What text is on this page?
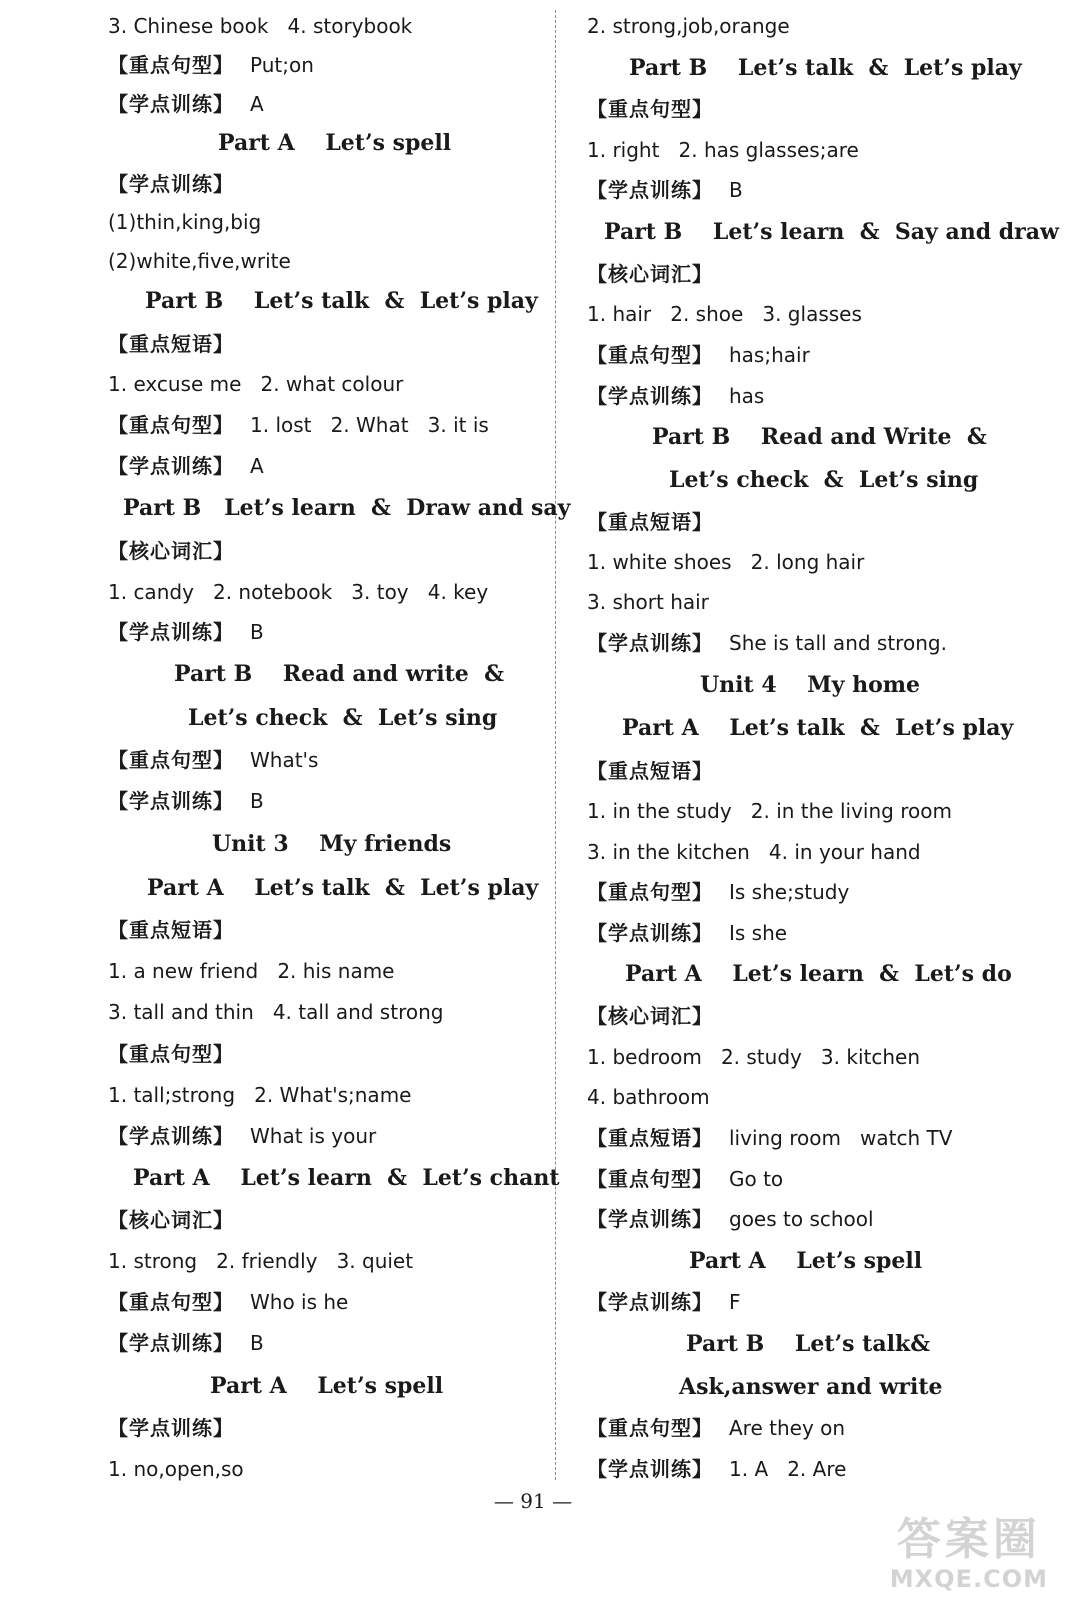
3. Chinese book   4. storybook
【重点句型】 Put;on
【学点训练】 A
Part A    Let’s spell
【学点训练】
(1)thin,king,big
(2)white,five,write
Part B    Let’s talk  &  Let’s play
【重点短语】
1. excuse me   2. what colour
【重点句型】 1. lost   2. What   3. it is
【学点训练】 A
Part B   Let’s learn  &  Draw and say
【核心词汇】
1. candy   2. notebook   3. toy   4. key
【学点训练】 B
Part B    Read and write  &
Let’s check  &  Let’s sing
【重点句型】 What's
【学点训练】 B
Unit 3    My friends
Part A    Let’s talk  &  Let’s play
【重点短语】
1. a new friend   2. his name
3. tall and thin   4. tall and strong
【重点句型】
1. tall;strong   2. What's;name
【学点训练】 What is your
Part A    Let’s learn  &  Let’s chant
【核心词汇】
1. strong   2. friendly   3. quiet
【重点句型】 Who is he
【学点训练】 B
Part A    Let’s spell
【学点训练】
1. no,open,so
2. strong,job,orange
Part B    Let’s talk  &  Let’s play
【重点句型】
1. right   2. has glasses;are
【学点训练】 B
Part B    Let’s learn  &  Say and draw
【核心词汇】
1. hair   2. shoe   3. glasses
【重点句型】 has;hair
【学点训练】 has
Part B    Read and Write  &
Let’s check  &  Let’s sing
【重点短语】
1. white shoes   2. long hair
3. short hair
【学点训练】 She is tall and strong.
Unit 4    My home
Part A    Let’s talk  &  Let’s play
【重点短语】
1. in the study   2. in the living room
3. in the kitchen   4. in your hand
【重点句型】 Is she;study
【学点训练】 Is she
Part A    Let’s learn  &  Let’s do
【核心词汇】
1. bedroom   2. study   3. kitchen
4. bathroom
【重点短语】 living room   watch TV
【重点句型】 Go to
【学点训练】 goes to school
Part A    Let’s spell
【学点训练】 F
Part B    Let’s talk&
Ask,answer and write
【重点句型】 Are they on
【学点训练】 1. A   2. Are
— 91 —
答案圈
MXQE.COM
